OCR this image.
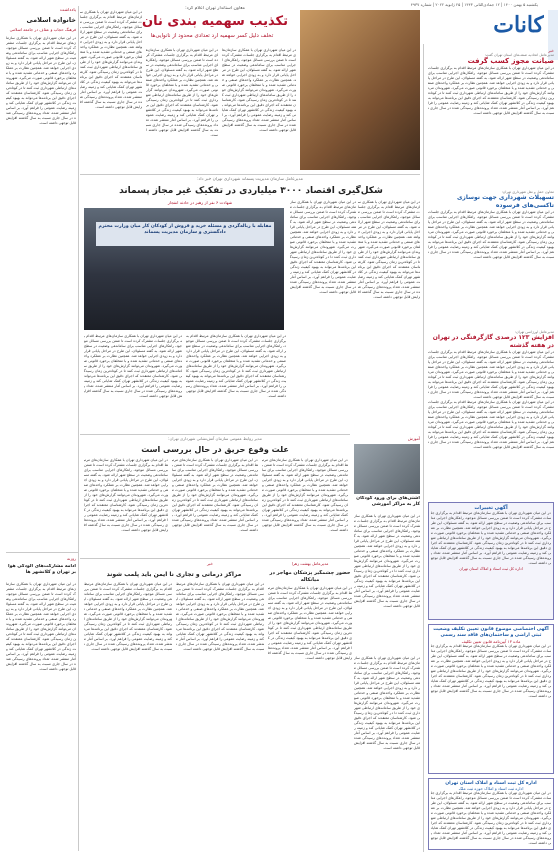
یکشنبه ۵ بهمن ۱۴۰۰ | ۱۲ جمادی‌الثانی ۱۴۴۳ | ۲۵ ژانویه ۲۰۲۲ | شماره ۴۹۳۷
کانات
خبر
مدیرعامل اتحادیه صنف‌های استان تهران گفت:
صیانت مجوز کسب گرفت
در این میان شهرداری تهران با همکاری سازمان‌های مرتبط اقدام به برگزاری جلسات مشترک کرده است تا ضمن بررسی مسائل موجود، راهکارهای اجرایی مناسب برای ساماندهی وضعیت در سطح شهر ارائه شود. به گفته مسئولان، این طرح در مراحل پایانی قرار دارد و به زودی اجرایی خواهد شد. همچنین نظارت بر عملکرد واحدهای صنفی و خدماتی تشدید شده و با متخلفان برخورد قانونی صورت می‌گیرد. شهروندان می‌توانند گزارش‌های خود را از طریق سامانه‌های ارتباطی شهرداری ثبت کنند تا در کوتاه‌ترین زمان رسیدگی شود. کارشناسان معتقدند که اجرای دقیق این برنامه‌ها می‌تواند به بهبود کیفیت زندگی در کلانشهر تهران کمک شایانی کند و زمینه رضایت عمومی را فراهم آورد. بر اساس آمار منتشر شده، تعداد پرونده‌های رسیدگی شده در سال جاری نسبت به سال گذشته افزایش قابل توجهی داشته است.
معاون حمل و نقل شهرداری تهران:
تسهیلات شهرداری جهت نوسازی تاکسی‌های فرسوده
در این میان شهرداری تهران با همکاری سازمان‌های مرتبط اقدام به برگزاری جلسات مشترک کرده است تا ضمن بررسی مسائل موجود، راهکارهای اجرایی مناسب برای ساماندهی وضعیت در سطح شهر ارائه شود. به گفته مسئولان، این طرح در مراحل پایانی قرار دارد و به زودی اجرایی خواهد شد. همچنین نظارت بر عملکرد واحدهای صنفی و خدماتی تشدید شده و با متخلفان برخورد قانونی صورت می‌گیرد. شهروندان می‌توانند گزارش‌های خود را از طریق سامانه‌های ارتباطی شهرداری ثبت کنند تا در کوتاه‌ترین زمان رسیدگی شود. کارشناسان معتقدند که اجرای دقیق این برنامه‌ها می‌تواند به بهبود کیفیت زندگی در کلانشهر تهران کمک شایانی کند و زمینه رضایت عمومی را فراهم آورد. بر اساس آمار منتشر شده، تعداد پرونده‌های رسیدگی شده در سال جاری نسبت به سال گذشته افزایش قابل توجهی داشته است.
مدیرعامل اورژانس تهران:
افزایش ۱۲۳ درصدی گازگرفتگی در تهران در هفته گذشته
در این میان شهرداری تهران با همکاری سازمان‌های مرتبط اقدام به برگزاری جلسات مشترک کرده است تا ضمن بررسی مسائل موجود، راهکارهای اجرایی مناسب برای ساماندهی وضعیت در سطح شهر ارائه شود. به گفته مسئولان، این طرح در مراحل پایانی قرار دارد و به زودی اجرایی خواهد شد. همچنین نظارت بر عملکرد واحدهای صنفی و خدماتی تشدید شده و با متخلفان برخورد قانونی صورت می‌گیرد. شهروندان می‌توانند گزارش‌های خود را از طریق سامانه‌های ارتباطی شهرداری ثبت کنند تا در کوتاه‌ترین زمان رسیدگی شود. کارشناسان معتقدند که اجرای دقیق این برنامه‌ها می‌تواند به بهبود کیفیت زندگی در کلانشهر تهران کمک شایانی کند و زمینه رضایت عمومی را فراهم آورد. بر اساس آمار منتشر شده، تعداد پرونده‌های رسیدگی شده در سال جاری نسبت به سال گذشته افزایش قابل توجهی داشته است.
در این میان شهرداری تهران با همکاری سازمان‌های مرتبط اقدام به برگزاری جلسات مشترک کرده است تا ضمن بررسی مسائل موجود، راهکارهای اجرایی مناسب برای ساماندهی وضعیت در سطح شهر ارائه شود. به گفته مسئولان، این طرح در مراحل پایانی قرار دارد و به زودی اجرایی خواهد شد. همچنین نظارت بر عملکرد واحدهای صنفی و خدماتی تشدید شده و با متخلفان برخورد قانونی صورت می‌گیرد. شهروندان می‌توانند گزارش‌های خود را از طریق سامانه‌های ارتباطی شهرداری ثبت کنند تا در کوتاه‌ترین زمان رسیدگی شود. کارشناسان معتقدند که اجرای دقیق این برنامه‌ها می‌تواند به بهبود کیفیت زندگی در کلانشهر تهران کمک شایانی کند و زمینه رضایت عمومی را فراهم آورد. بر اساس آمار منتشر شده، تعداد پرونده‌های رسیدگی شده در سال جاری نسبت به سال گذشته افزایش قابل توجهی داشته است.
آگهی تغییرات
در این میان شهرداری تهران با همکاری سازمان‌های مرتبط اقدام به برگزاری جلسات مشترک کرده است تا ضمن بررسی مسائل موجود، راهکارهای اجرایی مناسب برای ساماندهی وضعیت در سطح شهر ارائه شود. به گفته مسئولان، این طرح در مراحل پایانی قرار دارد و به زودی اجرایی خواهد شد. همچنین نظارت بر عملکرد واحدهای صنفی و خدماتی تشدید شده و با متخلفان برخورد قانونی صورت می‌گیرد. شهروندان می‌توانند گزارش‌های خود را از طریق سامانه‌های ارتباطی شهرداری ثبت کنند تا در کوتاه‌ترین زمان رسیدگی شود. کارشناسان معتقدند که اجرای دقیق این برنامه‌ها می‌تواند به بهبود کیفیت زندگی در کلانشهر تهران کمک شایانی کند و زمینه رضایت عمومی را فراهم آورد. بر اساس آمار منتشر شده، تعداد پرونده‌های رسیدگی شده در سال جاری نسبت به سال گذشته افزایش قابل توجهی داشته است.
اداره کل ثبت اسناد و املاک استان تهران
آگهی اختصاصی موضوع قانون تعیین تکلیف وضعیت ثبتی اراضی و ساختمان‌های فاقد سند رسمی
ماده ۱۳ آیین‌نامه قانون تعیین تکلیف
در این میان شهرداری تهران با همکاری سازمان‌های مرتبط اقدام به برگزاری جلسات مشترک کرده است تا ضمن بررسی مسائل موجود، راهکارهای اجرایی مناسب برای ساماندهی وضعیت در سطح شهر ارائه شود. به گفته مسئولان، این طرح در مراحل پایانی قرار دارد و به زودی اجرایی خواهد شد. همچنین نظارت بر عملکرد واحدهای صنفی و خدماتی تشدید شده و با متخلفان برخورد قانونی صورت می‌گیرد. شهروندان می‌توانند گزارش‌های خود را از طریق سامانه‌های ارتباطی شهرداری ثبت کنند تا در کوتاه‌ترین زمان رسیدگی شود. کارشناسان معتقدند که اجرای دقیق این برنامه‌ها می‌تواند به بهبود کیفیت زندگی در کلانشهر تهران کمک شایانی کند و زمینه رضایت عمومی را فراهم آورد. بر اساس آمار منتشر شده، تعداد پرونده‌های رسیدگی شده در سال جاری نسبت به سال گذشته افزایش قابل توجهی داشته است.
اداره کل ثبت اسناد و املاک استان تهران
اداره ثبت اسناد و املاک حوزه ثبت ملک
در این میان شهرداری تهران با همکاری سازمان‌های مرتبط اقدام به برگزاری جلسات مشترک کرده است تا ضمن بررسی مسائل موجود، راهکارهای اجرایی مناسب برای ساماندهی وضعیت در سطح شهر ارائه شود. به گفته مسئولان، این طرح در مراحل پایانی قرار دارد و به زودی اجرایی خواهد شد. همچنین نظارت بر عملکرد واحدهای صنفی و خدماتی تشدید شده و با متخلفان برخورد قانونی صورت می‌گیرد. شهروندان می‌توانند گزارش‌های خود را از طریق سامانه‌های ارتباطی شهرداری ثبت کنند تا در کوتاه‌ترین زمان رسیدگی شود. کارشناسان معتقدند که اجرای دقیق این برنامه‌ها می‌تواند به بهبود کیفیت زندگی در کلانشهر تهران کمک شایانی کند و زمینه رضایت عمومی را فراهم آورد. بر اساس آمار منتشر شده، تعداد پرونده‌های رسیدگی شده در سال جاری نسبت به سال گذشته افزایش قابل توجهی داشته است.
معاون استاندار تهران اعلام کرد:
تکذیب سهمیه بندی نان
تخلف دلیل کسر سهمیه آرد تعدادی محدود از نانوایی‌ها
در این میان شهرداری تهران با همکاری سازمان‌های مرتبط اقدام به برگزاری جلسات مشترک کرده است تا ضمن بررسی مسائل موجود، راهکارهای اجرایی مناسب برای ساماندهی وضعیت در سطح شهر ارائه شود. به گفته مسئولان، این طرح در مراحل پایانی قرار دارد و به زودی اجرایی خواهد شد. همچنین نظارت بر عملکرد واحدهای صنفی و خدماتی تشدید شده و با متخلفان برخورد قانونی صورت می‌گیرد. شهروندان می‌توانند گزارش‌های خود را از طریق سامانه‌های ارتباطی شهرداری ثبت کنند تا در کوتاه‌ترین زمان رسیدگی شود. کارشناسان معتقدند که اجرای دقیق این برنامه‌ها می‌تواند به بهبود کیفیت زندگی در کلانشهر تهران کمک شایانی کند و زمینه رضایت عمومی را فراهم آورد. بر اساس آمار منتشر شده، تعداد پرونده‌های رسیدگی شده در سال جاری نسبت به سال گذشته افزایش قابل توجهی داشته است.
در این میان شهرداری تهران با همکاری سازمان‌های مرتبط اقدام به برگزاری جلسات مشترک کرده است تا ضمن بررسی مسائل موجود، راهکارهای اجرایی مناسب برای ساماندهی وضعیت در سطح شهر ارائه شود. به گفته مسئولان، این طرح در مراحل پایانی قرار دارد و به زودی اجرایی خواهد شد. همچنین نظارت بر عملکرد واحدهای صنفی و خدماتی تشدید شده و با متخلفان برخورد قانونی صورت می‌گیرد. شهروندان می‌توانند گزارش‌های خود را از طریق سامانه‌های ارتباطی شهرداری ثبت کنند تا در کوتاه‌ترین زمان رسیدگی شود. کارشناسان معتقدند که اجرای دقیق این برنامه‌ها می‌تواند به بهبود کیفیت زندگی در کلانشهر تهران کمک شایانی کند و زمینه رضایت عمومی را فراهم آورد. بر اساس آمار منتشر شده، تعداد پرونده‌های رسیدگی شده در سال جاری نسبت به سال گذشته افزایش قابل توجهی داشته است.
در این میان شهرداری تهران با همکاری سازمان‌های مرتبط اقدام به برگزاری جلسات مشترک کرده است تا ضمن بررسی مسائل موجود، راهکارهای اجرایی مناسب برای ساماندهی وضعیت در سطح شهر ارائه شود. به گفته مسئولان، این طرح در مراحل پایانی قرار دارد و به زودی اجرایی خواهد شد. همچنین نظارت بر عملکرد واحدهای صنفی و خدماتی تشدید شده و با متخلفان برخورد قانونی صورت می‌گیرد. شهروندان می‌توانند گزارش‌های خود را از طریق سامانه‌های ارتباطی شهرداری ثبت کنند تا در کوتاه‌ترین زمان رسیدگی شود. کارشناسان معتقدند که اجرای دقیق این برنامه‌ها می‌تواند به بهبود کیفیت زندگی در کلانشهر تهران کمک شایانی کند و زمینه رضایت عمومی را فراهم آورد. بر اساس آمار منتشر شده، تعداد پرونده‌های رسیدگی شده در سال جاری نسبت به سال گذشته افزایش قابل توجهی داشته است.
یادداشت
خانواده اسلامی
فرهنگ حجاب و عفاف در جامعه اسلامی
در این میان شهرداری تهران با همکاری سازمان‌های مرتبط اقدام به برگزاری جلسات مشترک کرده است تا ضمن بررسی مسائل موجود، راهکارهای اجرایی مناسب برای ساماندهی وضعیت در سطح شهر ارائه شود. به گفته مسئولان، این طرح در مراحل پایانی قرار دارد و به زودی اجرایی خواهد شد. همچنین نظارت بر عملکرد واحدهای صنفی و خدماتی تشدید شده و با متخلفان برخورد قانونی صورت می‌گیرد. شهروندان می‌توانند گزارش‌های خود را از طریق سامانه‌های ارتباطی شهرداری ثبت کنند تا در کوتاه‌ترین زمان رسیدگی شود. کارشناسان معتقدند که اجرای دقیق این برنامه‌ها می‌تواند به بهبود کیفیت زندگی در کلانشهر تهران کمک شایانی کند و زمینه رضایت عمومی را فراهم آورد. بر اساس آمار منتشر شده، تعداد پرونده‌های رسیدگی شده در سال جاری نسبت به سال گذشته افزایش قابل توجهی داشته است.
مدیرعامل سازمان مدیریت پسماند شهرداری تهران خبر داد:
شکل‌گیری اقتصاد ۳۰۰۰ میلیاردی در تفکیک غیر مجاز پسماند
شهادت ۶ نفر از رهبر در حادثه انفجار
مقابله با زباله‌گردی و مسئله خرید و فروش از کودکان کار میان وزارت محترم دادگستری و سازمان مدیریت پسماند
در این میان شهرداری تهران با همکاری سازمان‌های مرتبط اقدام به برگزاری جلسات مشترک کرده است تا ضمن بررسی مسائل موجود، راهکارهای اجرایی مناسب برای ساماندهی وضعیت در سطح شهر ارائه شود. به گفته مسئولان، این طرح در مراحل پایانی قرار دارد و به زودی اجرایی خواهد شد. همچنین نظارت بر عملکرد واحدهای صنفی و خدماتی تشدید شده و با متخلفان برخورد قانونی صورت می‌گیرد. شهروندان می‌توانند گزارش‌های خود را از طریق سامانه‌های ارتباطی شهرداری ثبت کنند تا در کوتاه‌ترین زمان رسیدگی شود. کارشناسان معتقدند که اجرای دقیق این برنامه‌ها می‌تواند به بهبود کیفیت زندگی در کلانشهر تهران کمک شایانی کند و زمینه رضایت عمومی را فراهم آورد. بر اساس آمار منتشر شده، تعداد پرونده‌های رسیدگی شده در سال جاری نسبت به سال گذشته افزایش قابل توجهی داشته است.
در این میان شهرداری تهران با همکاری سازمان‌های مرتبط اقدام به برگزاری جلسات مشترک کرده است تا ضمن بررسی مسائل موجود، راهکارهای اجرایی مناسب برای ساماندهی وضعیت در سطح شهر ارائه شود. به گفته مسئولان، این طرح در مراحل پایانی قرار دارد و به زودی اجرایی خواهد شد. همچنین نظارت بر عملکرد واحدهای صنفی و خدماتی تشدید شده و با متخلفان برخورد قانونی صورت می‌گیرد. شهروندان می‌توانند گزارش‌های خود را از طریق سامانه‌های ارتباطی شهرداری ثبت کنند تا در کوتاه‌ترین زمان رسیدگی شود. کارشناسان معتقدند که اجرای دقیق این برنامه‌ها می‌تواند به بهبود کیفیت زندگی در کلانشهر تهران کمک شایانی کند و زمینه رضایت عمومی را فراهم آورد. بر اساس آمار منتشر شده، تعداد پرونده‌های رسیدگی شده در سال جاری نسبت به سال گذشته افزایش قابل توجهی داشته است.
در این میان شهرداری تهران با همکاری سازمان‌های مرتبط اقدام به برگزاری جلسات مشترک کرده است تا ضمن بررسی مسائل موجود، راهکارهای اجرایی مناسب برای ساماندهی وضعیت در سطح شهر ارائه شود. به گفته مسئولان، این طرح در مراحل پایانی قرار دارد و به زودی اجرایی خواهد شد. همچنین نظارت بر عملکرد واحدهای صنفی و خدماتی تشدید شده و با متخلفان برخورد قانونی صورت می‌گیرد. شهروندان می‌توانند گزارش‌های خود را از طریق سامانه‌های ارتباطی شهرداری ثبت کنند تا در کوتاه‌ترین زمان رسیدگی شود. کارشناسان معتقدند که اجرای دقیق این برنامه‌ها می‌تواند به بهبود کیفیت زندگی در کلانشهر تهران کمک شایانی کند و زمینه رضایت عمومی را فراهم آورد. بر اساس آمار منتشر شده، تعداد پرونده‌های رسیدگی شده در سال جاری نسبت به سال گذشته افزایش قابل توجهی داشته است.
در این میان شهرداری تهران با همکاری سازمان‌های مرتبط اقدام به برگزاری جلسات مشترک کرده است تا ضمن بررسی مسائل موجود، راهکارهای اجرایی مناسب برای ساماندهی وضعیت در سطح شهر ارائه شود. به گفته مسئولان، این طرح در مراحل پایانی قرار دارد و به زودی اجرایی خواهد شد. همچنین نظارت بر عملکرد واحدهای صنفی و خدماتی تشدید شده و با متخلفان برخورد قانونی صورت می‌گیرد. شهروندان می‌توانند گزارش‌های خود را از طریق سامانه‌های ارتباطی شهرداری ثبت کنند تا در کوتاه‌ترین زمان رسیدگی شود. کارشناسان معتقدند که اجرای دقیق این برنامه‌ها می‌تواند به بهبود کیفیت زندگی در کلانشهر تهران کمک شایانی کند و زمینه رضایت عمومی را فراهم آورد. بر اساس آمار منتشر شده، تعداد پرونده‌های رسیدگی شده در سال جاری نسبت به سال گذشته افزایش قابل توجهی داشته است.
مدیر روابط عمومی سازمان آتش‌نشانی شهرداری تهران:
علت وقوع حریق در حال بررسی است
در این میان شهرداری تهران با همکاری سازمان‌های مرتبط اقدام به برگزاری جلسات مشترک کرده است تا ضمن بررسی مسائل موجود، راهکارهای اجرایی مناسب برای ساماندهی وضعیت در سطح شهر ارائه شود. به گفته مسئولان، این طرح در مراحل پایانی قرار دارد و به زودی اجرایی خواهد شد. همچنین نظارت بر عملکرد واحدهای صنفی و خدماتی تشدید شده و با متخلفان برخورد قانونی صورت می‌گیرد. شهروندان می‌توانند گزارش‌های خود را از طریق سامانه‌های ارتباطی شهرداری ثبت کنند تا در کوتاه‌ترین زمان رسیدگی شود. کارشناسان معتقدند که اجرای دقیق این برنامه‌ها می‌تواند به بهبود کیفیت زندگی در کلانشهر تهران کمک شایانی کند و زمینه رضایت عمومی را فراهم آورد. بر اساس آمار منتشر شده، تعداد پرونده‌های رسیدگی شده در سال جاری نسبت به سال گذشته افزایش قابل توجهی داشته است.
در این میان شهرداری تهران با همکاری سازمان‌های مرتبط اقدام به برگزاری جلسات مشترک کرده است تا ضمن بررسی مسائل موجود، راهکارهای اجرایی مناسب برای ساماندهی وضعیت در سطح شهر ارائه شود. به گفته مسئولان، این طرح در مراحل پایانی قرار دارد و به زودی اجرایی خواهد شد. همچنین نظارت بر عملکرد واحدهای صنفی و خدماتی تشدید شده و با متخلفان برخورد قانونی صورت می‌گیرد. شهروندان می‌توانند گزارش‌های خود را از طریق سامانه‌های ارتباطی شهرداری ثبت کنند تا در کوتاه‌ترین زمان رسیدگی شود. کارشناسان معتقدند که اجرای دقیق این برنامه‌ها می‌تواند به بهبود کیفیت زندگی در کلانشهر تهران کمک شایانی کند و زمینه رضایت عمومی را فراهم آورد. بر اساس آمار منتشر شده، تعداد پرونده‌های رسیدگی شده در سال جاری نسبت به سال گذشته افزایش قابل توجهی داشته است.
در این میان شهرداری تهران با همکاری سازمان‌های مرتبط اقدام به برگزاری جلسات مشترک کرده است تا ضمن بررسی مسائل موجود، راهکارهای اجرایی مناسب برای ساماندهی وضعیت در سطح شهر ارائه شود. به گفته مسئولان، این طرح در مراحل پایانی قرار دارد و به زودی اجرایی خواهد شد. همچنین نظارت بر عملکرد واحدهای صنفی و خدماتی تشدید شده و با متخلفان برخورد قانونی صورت می‌گیرد. شهروندان می‌توانند گزارش‌های خود را از طریق سامانه‌های ارتباطی شهرداری ثبت کنند تا در کوتاه‌ترین زمان رسیدگی شود. کارشناسان معتقدند که اجرای دقیق این برنامه‌ها می‌تواند به بهبود کیفیت زندگی در کلانشهر تهران کمک شایانی کند و زمینه رضایت عمومی را فراهم آورد. بر اساس آمار منتشر شده، تعداد پرونده‌های رسیدگی شده در سال جاری نسبت به سال گذشته افزایش قابل توجهی داشته است.
آموزش
آشتی‌های برای ورود کودکان کار به مراکز آموزشی
در این میان شهرداری تهران با همکاری سازمان‌های مرتبط اقدام به برگزاری جلسات مشترک کرده است تا ضمن بررسی مسائل موجود، راهکارهای اجرایی مناسب برای ساماندهی وضعیت در سطح شهر ارائه شود. به گفته مسئولان، این طرح در مراحل پایانی قرار دارد و به زودی اجرایی خواهد شد. همچنین نظارت بر عملکرد واحدهای صنفی و خدماتی تشدید شده و با متخلفان برخورد قانونی صورت می‌گیرد. شهروندان می‌توانند گزارش‌های خود را از طریق سامانه‌های ارتباطی شهرداری ثبت کنند تا در کوتاه‌ترین زمان رسیدگی شود. کارشناسان معتقدند که اجرای دقیق این برنامه‌ها می‌تواند به بهبود کیفیت زندگی در کلانشهر تهران کمک شایانی کند و زمینه رضایت عمومی را فراهم آورد. بر اساس آمار منتشر شده، تعداد پرونده‌های رسیدگی شده در سال جاری نسبت به سال گذشته افزایش قابل توجهی داشته است.
خبر
مراکز درمانی و تجاری نا ایمن باید پلمب شوند
در این میان شهرداری تهران با همکاری سازمان‌های مرتبط اقدام به برگزاری جلسات مشترک کرده است تا ضمن بررسی مسائل موجود، راهکارهای اجرایی مناسب برای ساماندهی وضعیت در سطح شهر ارائه شود. به گفته مسئولان، این طرح در مراحل پایانی قرار دارد و به زودی اجرایی خواهد شد. همچنین نظارت بر عملکرد واحدهای صنفی و خدماتی تشدید شده و با متخلفان برخورد قانونی صورت می‌گیرد. شهروندان می‌توانند گزارش‌های خود را از طریق سامانه‌های ارتباطی شهرداری ثبت کنند تا در کوتاه‌ترین زمان رسیدگی شود. کارشناسان معتقدند که اجرای دقیق این برنامه‌ها می‌تواند به بهبود کیفیت زندگی در کلانشهر تهران کمک شایانی کند و زمینه رضایت عمومی را فراهم آورد. بر اساس آمار منتشر شده، تعداد پرونده‌های رسیدگی شده در سال جاری نسبت به سال گذشته افزایش قابل توجهی داشته است.
در این میان شهرداری تهران با همکاری سازمان‌های مرتبط اقدام به برگزاری جلسات مشترک کرده است تا ضمن بررسی مسائل موجود، راهکارهای اجرایی مناسب برای ساماندهی وضعیت در سطح شهر ارائه شود. به گفته مسئولان، این طرح در مراحل پایانی قرار دارد و به زودی اجرایی خواهد شد. همچنین نظارت بر عملکرد واحدهای صنفی و خدماتی تشدید شده و با متخلفان برخورد قانونی صورت می‌گیرد. شهروندان می‌توانند گزارش‌های خود را از طریق سامانه‌های ارتباطی شهرداری ثبت کنند تا در کوتاه‌ترین زمان رسیدگی شود. کارشناسان معتقدند که اجرای دقیق این برنامه‌ها می‌تواند به بهبود کیفیت زندگی در کلانشهر تهران کمک شایانی کند و زمینه رضایت عمومی را فراهم آورد. بر اساس آمار منتشر شده، تعداد پرونده‌های رسیدگی شده در سال جاری نسبت به سال گذشته افزایش قابل توجهی داشته است.
مدیرعامل بهشت زهرا
حضور چشمگیر پزشکان مهاجر در میانکاله
در این میان شهرداری تهران با همکاری سازمان‌های مرتبط اقدام به برگزاری جلسات مشترک کرده است تا ضمن بررسی مسائل موجود، راهکارهای اجرایی مناسب برای ساماندهی وضعیت در سطح شهر ارائه شود. به گفته مسئولان، این طرح در مراحل پایانی قرار دارد و به زودی اجرایی خواهد شد. همچنین نظارت بر عملکرد واحدهای صنفی و خدماتی تشدید شده و با متخلفان برخورد قانونی صورت می‌گیرد. شهروندان می‌توانند گزارش‌های خود را از طریق سامانه‌های ارتباطی شهرداری ثبت کنند تا در کوتاه‌ترین زمان رسیدگی شود. کارشناسان معتقدند که اجرای دقیق این برنامه‌ها می‌تواند به بهبود کیفیت زندگی در کلانشهر تهران کمک شایانی کند و زمینه رضایت عمومی را فراهم آورد. بر اساس آمار منتشر شده، تعداد پرونده‌های رسیدگی شده در سال جاری نسبت به سال گذشته افزایش قابل توجهی داشته است. در این میان شهرداری تهران با همکاری سازمان‌های مرتبط اقدام به برگزاری جلسات مشترک کرده است تا ضمن بررسی مسائل موجود، راهکارهای اجرایی مناسب برای ساماندهی وضعیت در سطح شهر ارائه شود. به گفته مسئولان، این طرح در مراحل پایانی قرار دارد و به زودی اجرایی خواهد شد. همچنین نظارت بر عملکرد واحدهای صنفی و خدماتی تشدید شده و با متخلفان برخورد قانونی صورت می‌گیرد. شهروندان می‌توانند گزارش‌های خود را از طریق سامانه‌های ارتباطی شهرداری ثبت کنند تا در کوتاه‌ترین زمان رسیدگی شود. کارشناسان معتقدند که اجرای دقیق این برنامه‌ها می‌تواند به بهبود کیفیت زندگی در کلانشهر تهران کمک شایانی کند و زمینه رضایت عمومی را فراهم آورد. بر اساس آمار منتشر شده، تعداد پرونده‌های رسیدگی شده در سال جاری نسبت به سال گذشته افزایش قابل توجهی داشته است.
روزنه
ادامه مشارکت‌های آلودگی هوا بر تهران و کلانشهر ها
در این میان شهرداری تهران با همکاری سازمان‌های مرتبط اقدام به برگزاری جلسات مشترک کرده است تا ضمن بررسی مسائل موجود، راهکارهای اجرایی مناسب برای ساماندهی وضعیت در سطح شهر ارائه شود. به گفته مسئولان، این طرح در مراحل پایانی قرار دارد و به زودی اجرایی خواهد شد. همچنین نظارت بر عملکرد واحدهای صنفی و خدماتی تشدید شده و با متخلفان برخورد قانونی صورت می‌گیرد. شهروندان می‌توانند گزارش‌های خود را از طریق سامانه‌های ارتباطی شهرداری ثبت کنند تا در کوتاه‌ترین زمان رسیدگی شود. کارشناسان معتقدند که اجرای دقیق این برنامه‌ها می‌تواند به بهبود کیفیت زندگی در کلانشهر تهران کمک شایانی کند و زمینه رضایت عمومی را فراهم آورد. بر اساس آمار منتشر شده، تعداد پرونده‌های رسیدگی شده در سال جاری نسبت به سال گذشته افزایش قابل توجهی داشته است.
